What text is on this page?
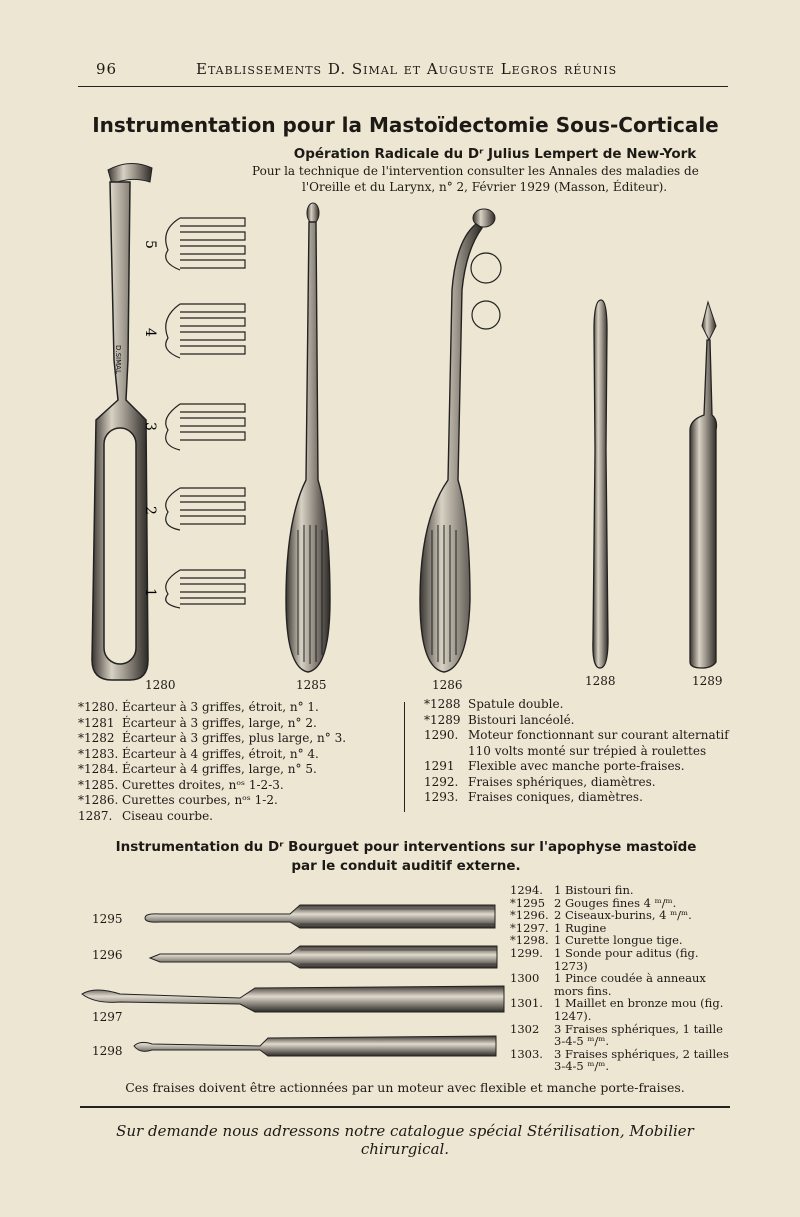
96	Etablissements D. Simal et Auguste Legros réunis
Instrumentation pour la Mastoïdectomie Sous-Corticale
Opération Radicale du Dʳ Julius Lempert de New-York
Pour la technique de l'intervention consulter les Annales des maladies de
l'Oreille et du Larynx, n° 2, Février 1929 (Masson, Éditeur).
D.SIMAL
5
4
3
2
1
1280	1285	1286	1288	1289
*1280. Écarteur à 3 griffes, étroit, n° 1.
*1281 Écarteur à 3 griffes, large, n° 2.
*1282 Écarteur à 3 griffes, plus large, n° 3.
*1283. Écarteur à 4 griffes, étroit, n° 4.
*1284. Écarteur à 4 griffes, large, n° 5.
*1285. Curettes droites, nᵒˢ 1-2-3.
*1286. Curettes courbes, nᵒˢ 1-2.
1287. Ciseau courbe.
*1288 Spatule double.
*1289 Bistouri lancéolé.
1290. Moteur fonctionnant sur courant alternatif 110 volts monté sur trépied à roulettes
1291	Flexible avec manche porte-fraises.
1292. Fraises sphériques, diamètres.
1293. Fraises coniques, diamètres.
Instrumentation du Dʳ Bourguet pour interventions sur l'apophyse mastoïde
par le conduit auditif externe.
1295
1296
1297
1298
1294. 1 Bistouri fin.
*1295 2 Gouges fines 4 ᵐ/ᵐ.
*1296. 2 Ciseaux-burins, 4 ᵐ/ᵐ.
*1297. 1 Rugine
*1298. 1 Curette longue tige.
1299. 1 Sonde pour aditus (fig. 1273)
1300	1 Pince coudée à anneaux mors fins.
1301. 1 Maillet en bronze mou (fig. 1247).
1302	3 Fraises sphériques, 1 taille 3-4-5 ᵐ/ᵐ.
1303. 3 Fraises sphériques, 2 tailles 3-4-5 ᵐ/ᵐ.
Ces fraises doivent être actionnées par un moteur avec flexible et manche porte-fraises.
Sur demande nous adressons notre catalogue spécial Stérilisation, Mobilier chirurgical.
